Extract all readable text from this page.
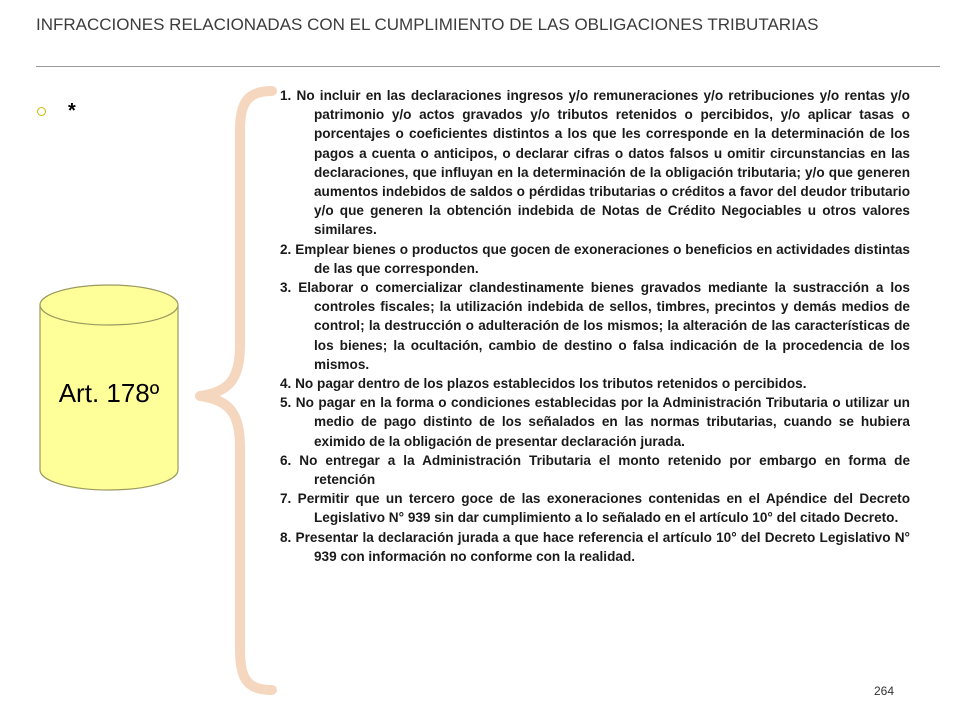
INFRACCIONES RELACIONADAS CON EL CUMPLIMIENTO DE LAS OBLIGACIONES TRIBUTARIAS
*
Art. 178º
1. No incluir en las declaraciones ingresos y/o remuneraciones y/o retribuciones y/o rentas y/o patrimonio y/o actos gravados y/o tributos retenidos o percibidos, y/o aplicar tasas o porcentajes o coeficientes distintos a los que les corresponde en la determinación de los pagos a cuenta o anticipos, o declarar cifras o datos falsos u omitir circunstancias en las declaraciones, que influyan en la determinación de la obligación tributaria; y/o que generen aumentos indebidos de saldos o pérdidas tributarias o créditos a favor del deudor tributario y/o que generen la obtención indebida de Notas de Crédito Negociables u otros valores similares.
2. Emplear bienes o productos que gocen de exoneraciones o beneficios en actividades distintas de las que corresponden.
3. Elaborar o comercializar clandestinamente bienes gravados mediante la sustracción a los controles fiscales; la utilización indebida de sellos, timbres, precintos y demás medios de control; la destrucción o adulteración de los mismos; la alteración de las características de los bienes; la ocultación, cambio de destino o falsa indicación de la procedencia de los mismos.
4. No pagar dentro de los plazos establecidos los tributos retenidos o percibidos.
5. No pagar en la forma o condiciones establecidas por la Administración Tributaria o utilizar un medio de pago distinto de los señalados en las normas tributarias, cuando se hubiera eximido de la obligación de presentar declaración jurada.
6. No entregar a la Administración Tributaria el monto retenido por embargo en forma de retención
7. Permitir que un tercero goce de las exoneraciones contenidas en el Apéndice del Decreto Legislativo N° 939 sin dar cumplimiento a lo señalado en el artículo 10° del citado Decreto.
8. Presentar la declaración jurada a que hace referencia el artículo 10° del Decreto Legislativo N° 939 con información no conforme con la realidad.
264
